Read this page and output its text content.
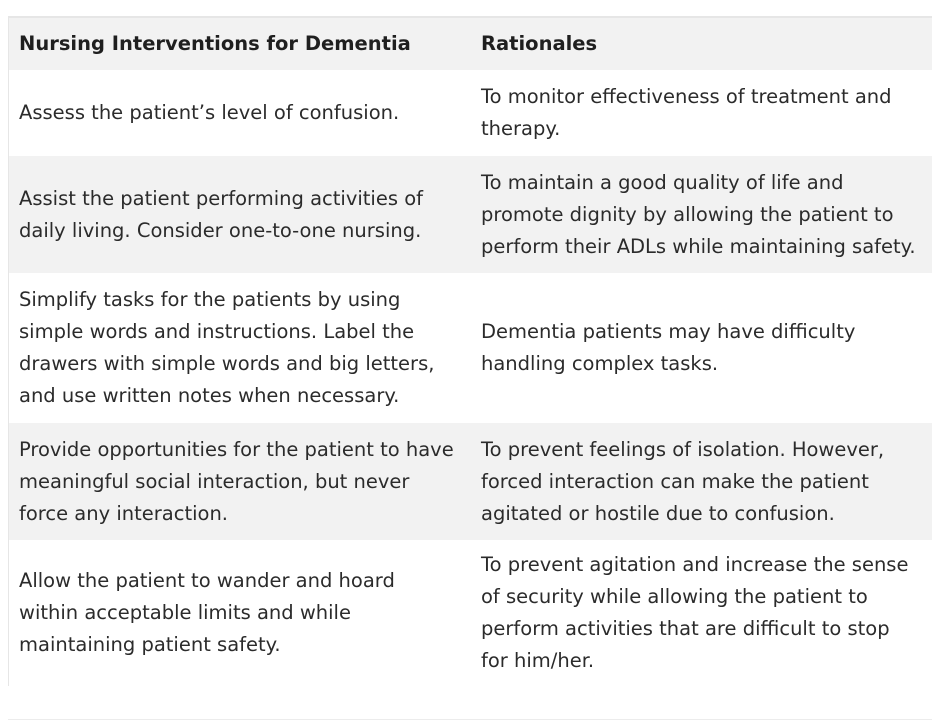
Nursing Interventions for Dementia	Rationales
Assess the patient’s level of confusion.	To monitor effectiveness of treatment and therapy.
Assist the patient performing activities of daily living. Consider one-to-one nursing.	To maintain a good quality of life and promote dignity by allowing the patient to perform their ADLs while maintaining safety.
Simplify tasks for the patients by using simple words and instructions. Label the drawers with simple words and big letters, and use written notes when necessary.	Dementia patients may have difficulty handling complex tasks.
Provide opportunities for the patient to have meaningful social interaction, but never force any interaction.	To prevent feelings of isolation. However, forced interaction can make the patient agitated or hostile due to confusion.
Allow the patient to wander and hoard within acceptable limits and while maintaining patient safety.	To prevent agitation and increase the sense of security while allowing the patient to perform activities that are difficult to stop for him/her.
